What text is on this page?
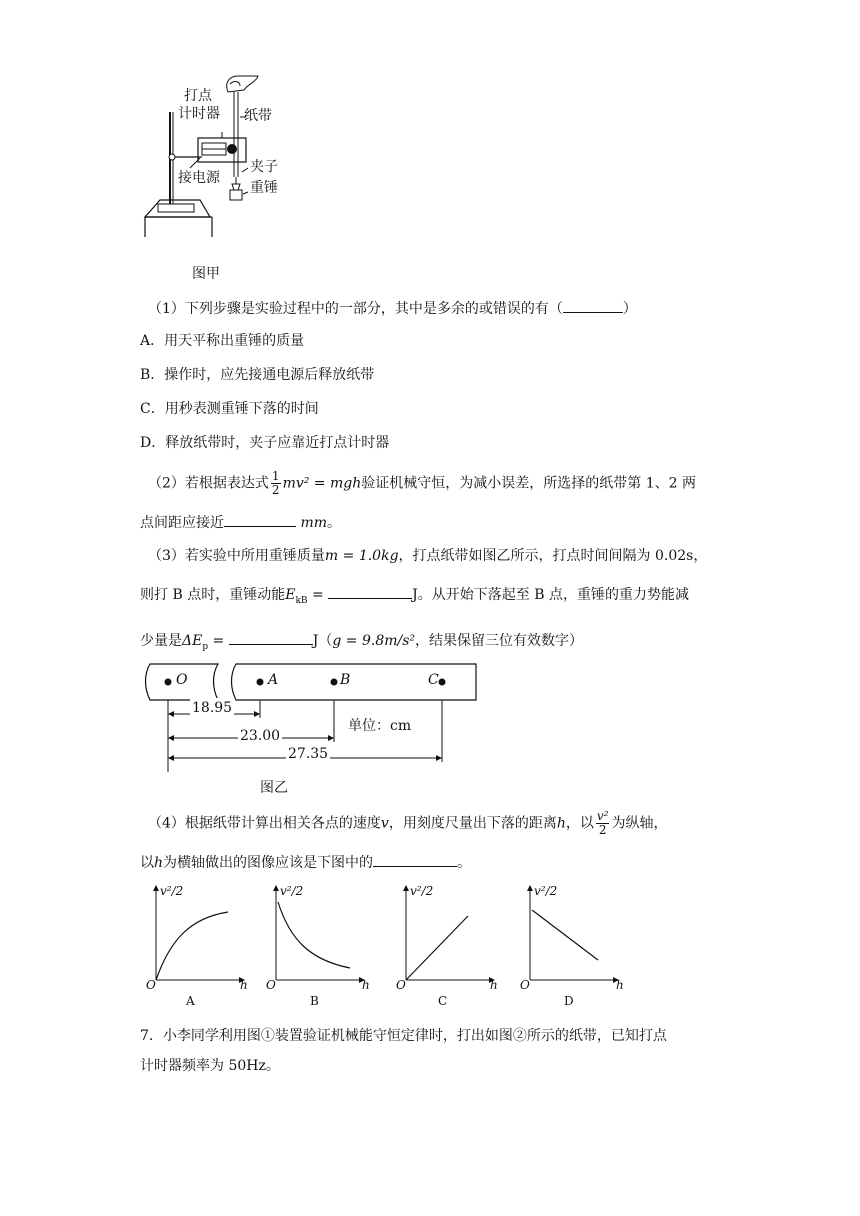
打点
计时器 纸带
夹子
接电源
重锤
图甲
（1）下列步骤是实验过程中的一部分，其中是多余的或错误的有（	）
A．用天平称出重锤的质量
B．操作时，应先接通电源后释放纸带
C．用秒表测重锤下落的时间
D．释放纸带时，夹子应靠近打点计时器
（2）若根据表达式 $\frac{1}{2} mv^2$ = mgh验证机械守恒，为减小误差，所选择的纸带第 1、2 两
点间距应接近	mm。
（3）若实验中所用重锤质量m = 1.0kg，打点纸带如图乙所示，打点时间间隔为 0.02s，
则打 B 点时，重锤动能$E_{kB}$ =	J。从开始下落起至 B 点，重锤的重力势能减
少量是$\Delta E_p$ =	J（g = 9.8m/s²，结果保留三位有效数字）
O	A	B	C
18.95
23.00
27.35
单位：cm
图乙
（4）根据纸带计算出相关各点的速度v，用刻度尺量出下落的距离h，以 $\frac{\text{v²}}{2}$ 为纵轴，
以h为横轴做出的图像应该是下图中的	。
v²/2
O	h
A
v²/2
O	h
B
v²/2
O	h
C
v²/2
O	h
D
7．小李同学利用图①装置验证机械能守恒定律时，打出如图②所示的纸带，已知打点
计时器频率为 50Hz。
